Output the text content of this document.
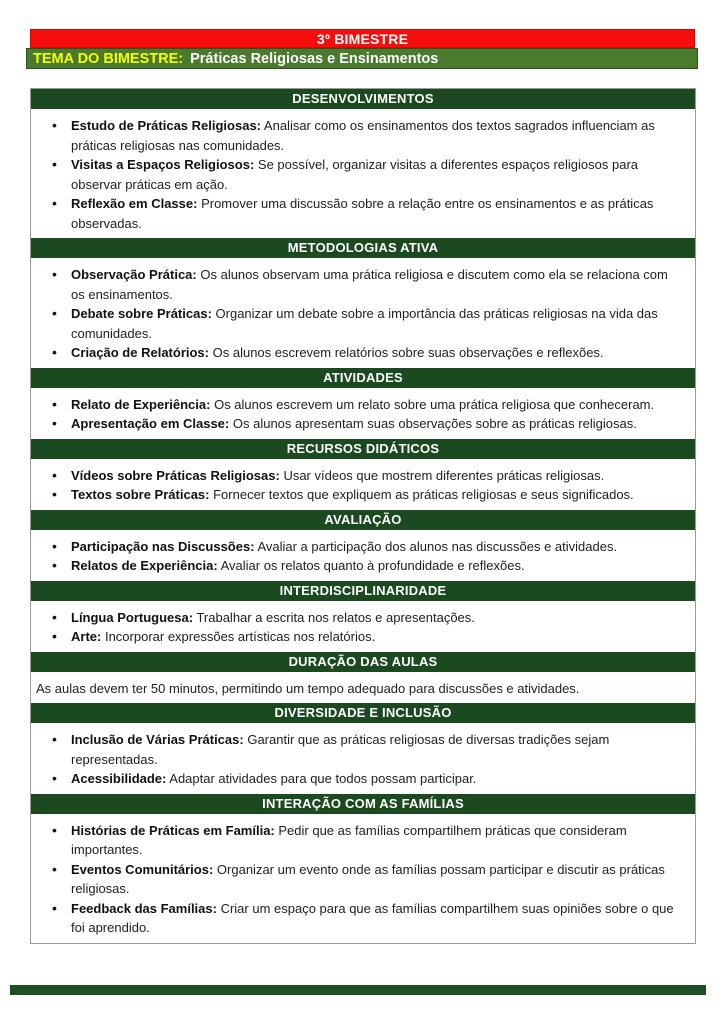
3º BIMESTRE
TEMA DO BIMESTRE: Práticas Religiosas e Ensinamentos
DESENVOLVIMENTOS
• Estudo de Práticas Religiosas: Analisar como os ensinamentos dos textos sagrados influenciam as práticas religiosas nas comunidades.
• Visitas a Espaços Religiosos: Se possível, organizar visitas a diferentes espaços religiosos para observar práticas em ação.
• Reflexão em Classe: Promover uma discussão sobre a relação entre os ensinamentos e as práticas observadas.
METODOLOGIAS ATIVA
• Observação Prática: Os alunos observam uma prática religiosa e discutem como ela se relaciona com os ensinamentos.
• Debate sobre Práticas: Organizar um debate sobre a importância das práticas religiosas na vida das comunidades.
• Criação de Relatórios: Os alunos escrevem relatórios sobre suas observações e reflexões.
ATIVIDADES
• Relato de Experiência: Os alunos escrevem um relato sobre uma prática religiosa que conheceram.
• Apresentação em Classe: Os alunos apresentam suas observações sobre as práticas religiosas.
RECURSOS DIDÁTICOS
• Vídeos sobre Práticas Religiosas: Usar vídeos que mostrem diferentes práticas religiosas.
• Textos sobre Práticas: Fornecer textos que expliquem as práticas religiosas e seus significados.
AVALIAÇÃO
• Participação nas Discussões: Avaliar a participação dos alunos nas discussões e atividades.
• Relatos de Experiência: Avaliar os relatos quanto à profundidade e reflexões.
INTERDISCIPLINARIDADE
• Língua Portuguesa: Trabalhar a escrita nos relatos e apresentações.
• Arte: Incorporar expressões artísticas nos relatórios.
DURAÇÃO DAS AULAS

As aulas devem ter 50 minutos, permitindo um tempo adequado para discussões e atividades.

DIVERSIDADE E INCLUSÃO
• Inclusão de Várias Práticas: Garantir que as práticas religiosas de diversas tradições sejam representadas.
• Acessibilidade: Adaptar atividades para que todos possam participar.
INTERAÇÃO COM AS FAMÍLIAS
• Histórias de Práticas em Família: Pedir que as famílias compartilhem práticas que consideram importantes.
• Eventos Comunitários: Organizar um evento onde as famílias possam participar e discutir as práticas religiosas.
• Feedback das Famílias: Criar um espaço para que as famílias compartilhem suas opiniões sobre o que foi aprendido.
